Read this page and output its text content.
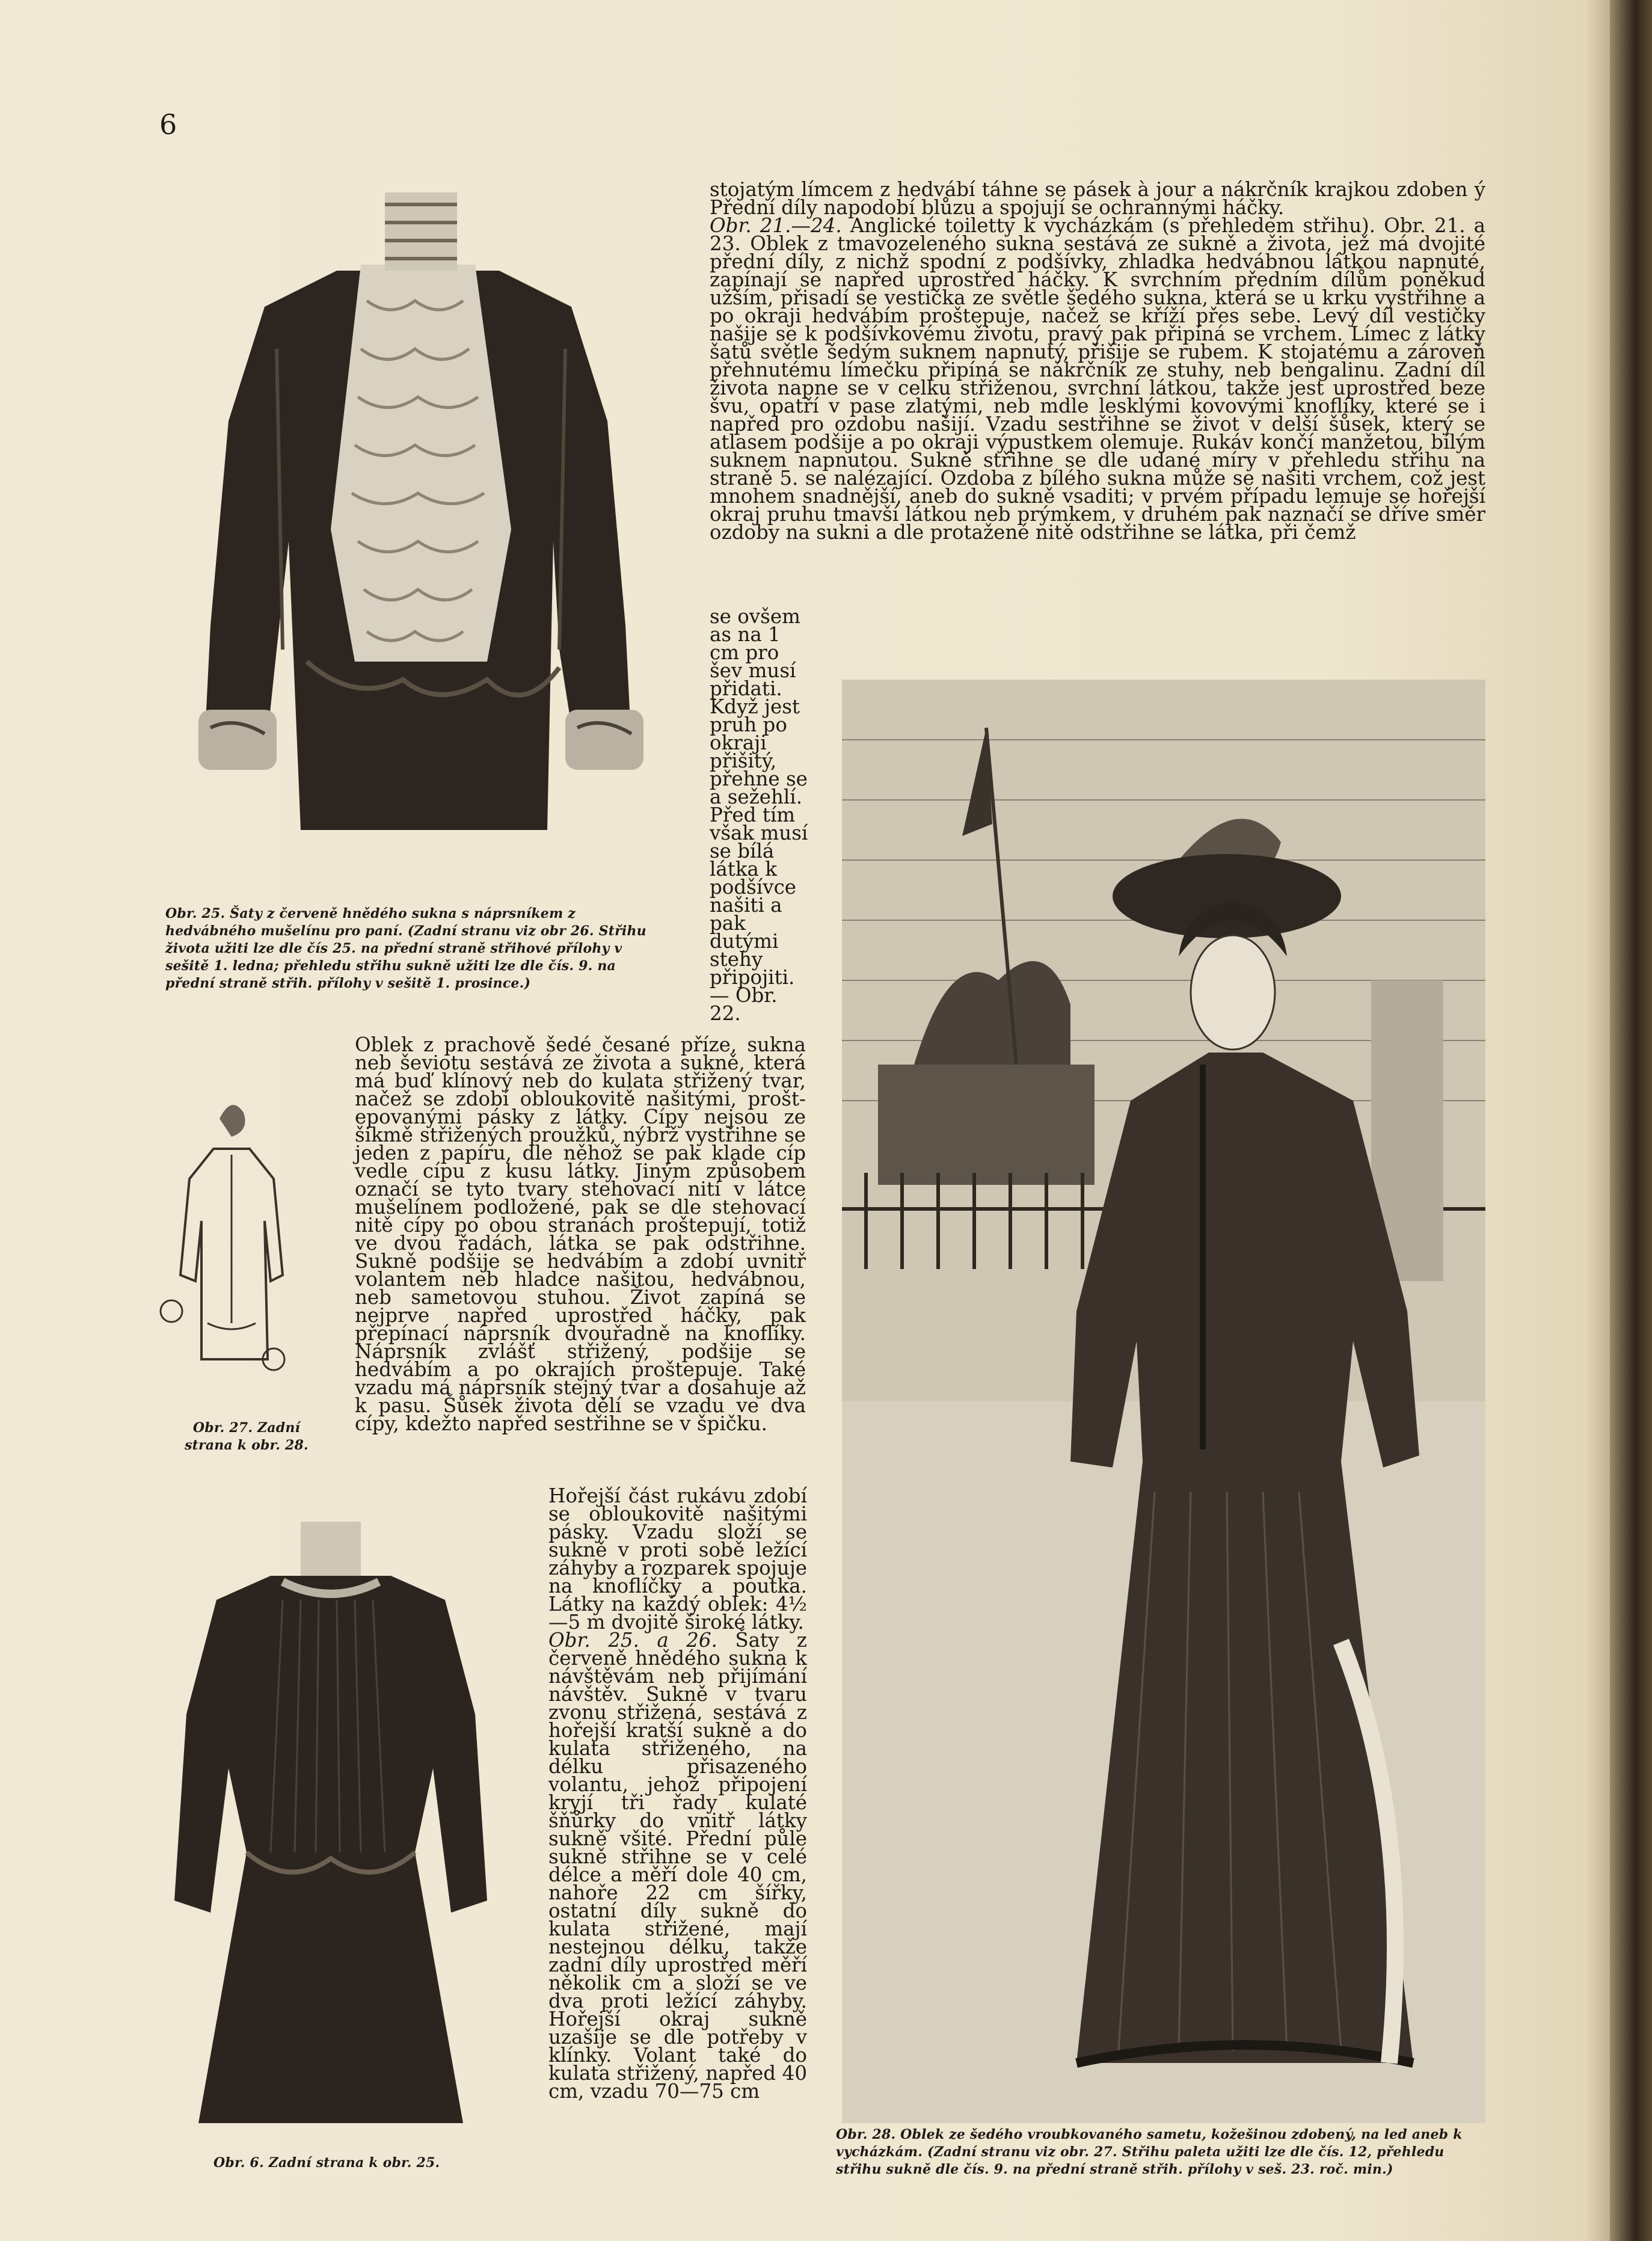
6
Obr. 25. Šaty z červeně hnědého sukna s náprsníkem z hedvábného mušelínu pro paní. (Zadní stranu viz obr 26. Střihu života užiti lze dle čís 25. na přední straně střihové přílohy v sešitě 1. ledna; přehledu střihu sukně užiti lze dle čís. 9. na přední straně střih. přílohy v sešitě 1. prosince.)
Obr. 27. Zadní strana k obr. 28.
Obr. 6. Zadní strana k obr. 25.
Obr. 28. Oblek ze šedého vroubkovaného sametu, kožešinou zdobený, na led aneb k vycházkám. (Zadní stranu viz obr. 27. Střihu paleta užiti lze dle čís. 12, přehledu střihu sukně dle čís. 9. na přední straně střih. přílohy v seš. 23. roč. min.)

stojatým límcem z hedvábí táhne se pásek à jour a nákrčník krajkou zdoben ý Přední díly napodobí blůzu a spojují se ochrannými háčky.

Obr. 21.—24. Anglické toiletty k vycházkám (s přehledem střihu). Obr. 21. a 23. Oblek z tmavozeleného sukna sestává ze sukně a života, jež má dvojité přední díly, z nichž spodní z podšívky, zhladka hedvábnou látkou napnuté, zapínají se napřed uprostřed háčky. K svrchním předním dílům poněkud užším, přisadí se vestička ze světle šedého sukna, která se u krku vystřihne a po okraji hedvábím proštepuje, načež se kříží přes sebe. Levý díl vestičky našije se k podšívkovému životu, pravý pak připíná se vrchem. Límec z látky šatů světle šedým suknem napnutý, přišije se rubem. K stojatému a zároveň přehnutému límečku připíná se nákrčník ze stuhy, neb bengalinu. Zadní díl života napne se v celku střiženou, svrchní látkou, takže jest uprostřed beze švu, opatří v pase zlatými, neb mdle lesklými kovovými knoflíky, které se i napřed pro ozdobu našijí. Vzadu sestřihne se život v delší šůsek, který se atlasem podšije a po okraji výpustkem olemuje. Rukáv končí manžetou, bílým suknem napnutou. Sukně střihne se dle udané míry v přehledu střihu na straně 5. se nalézající. Ozdoba z bílého sukna může se našiti vrchem, což jest mnohem snadnější, aneb do sukně vsaditi; v prvém případu lemuje se hořejší okraj pruhu tmavší látkou neb prýmkem, v druhém pak naznačí se dříve směr ozdoby na sukni a dle protažené nitě odstřihne se látka, při čemž

se ovšem as na 1 cm pro šev musí přidati. Když jest pruh po okraji přišitý, přehne se a sežehlí. Před tím však musí se bílá látka k podšívce našiti a pak dutými stehy připojiti. — Obr. 22.
Oblek z prachově šedé česané příze, sukna neb ševiotu sestává ze života a sukně, která má buď klínový neb do kulata střižený tvar, načež se zdobí obloukovitě našitými, proštepovanými pásky z látky. Cípy nejsou ze šikmě střižených proužků, nýbrž vystřihne se jeden z papíru, dle něhož se pak klade cíp vedle cípu z kusu látky. Jiným způsobem označí se tyto tvary stehovací nití v látce mušelínem podložené, pak se dle stehovací nitě cípy po obou stranách proštepují, totiž ve dvou řadách, látka se pak odstřihne. Sukně podšije se hedvábím a zdobí uvnitř volantem neb hladce našitou, hedvábnou, neb sametovou stuhou. Život zapíná se nejprve napřed uprostřed háčky, pak přepínací náprsník dvouřadně na knoflíky. Náprsník zvlášť střižený, podšije se hedvábím a po okrajích proštepuje. Také vzadu má náprsník stejný tvar a dosahuje až k pasu. Šůsek života dělí se vzadu ve dva cípy, kdežto napřed sestřihne se v špičku.

Hořejší část rukávu zdobí se obloukovitě našitými pásky. Vzadu složí se sukně v proti sobě ležící záhyby a rozparek spojuje na knoflíčky a poutka. Látky na každý oblek: 4½—5 m dvojitě široké látky.

Obr. 25. a 26. Šaty z červeně hnědého sukna k návštěvám neb přijímání návštěv. Sukně v tvaru zvonu střižená, sestává z hořejší kratší sukně a do kulata střiženého, na délku přisazeného volantu, jehož připojení kryjí tři řady kulaté šňůrky do vnitř látky sukně všité. Přední půle sukně střihne se v celé délce a měří dole 40 cm, nahoře 22 cm šířky, ostatní díly sukně do kulata střižené, mají nestejnou délku, takže zadní díly uprostřed měří několik cm a složí se ve dva proti ležící záhyby. Hořejší okraj sukně uzašije se dle potřeby v klínky. Volant také do kulata střižený, napřed 40 cm, vzadu 70—75 cm
